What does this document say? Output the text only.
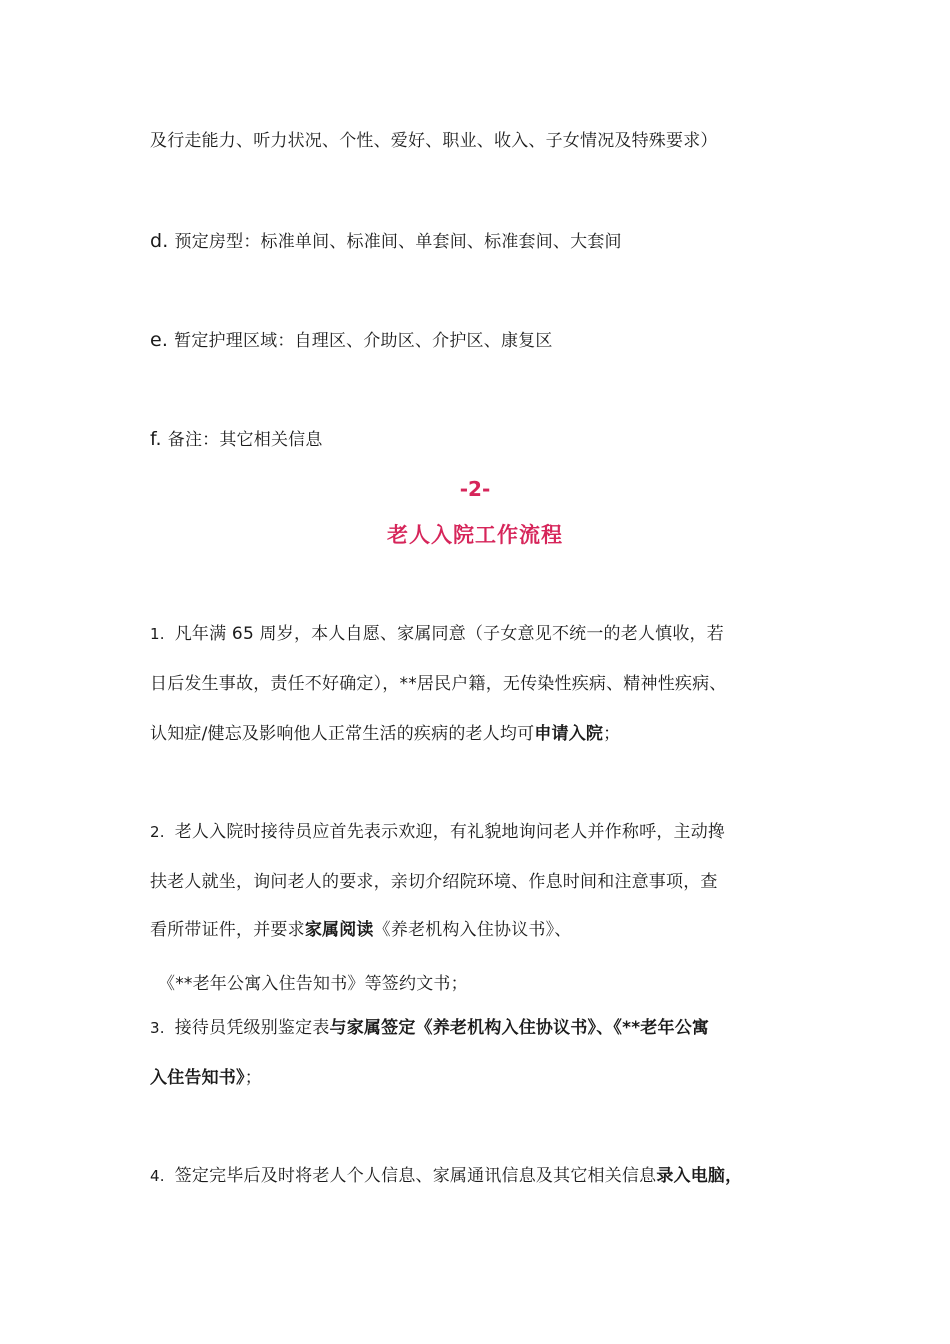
及行走能力、听力状况、个性、爱好、职业、收入、子女情况及特殊要求）
d. 预定房型：标准单间、标准间、单套间、标准套间、大套间
e. 暂定护理区域：自理区、介助区、介护区、康复区
f. 备注：其它相关信息
-2-
老人入院工作流程
1. 凡年满 65 周岁，本人自愿、家属同意（子女意见不统一的老人慎收，若
日后发生事故，责任不好确定），**居民户籍，无传染性疾病、精神性疾病、
认知症/健忘及影响他人正常生活的疾病的老人均可申请入院；
2. 老人入院时接待员应首先表示欢迎，有礼貌地询问老人并作称呼，主动搀
扶老人就坐，询问老人的要求，亲切介绍院环境、作息时间和注意事项，查
看所带证件，并要求家属阅读《养老机构入住协议书》、
《**老年公寓入住告知书》等签约文书；
3. 接待员凭级别鉴定表与家属签定《养老机构入住协议书》、《**老年公寓
入住告知书》；
4. 签定完毕后及时将老人个人信息、家属通讯信息及其它相关信息录入电脑，
